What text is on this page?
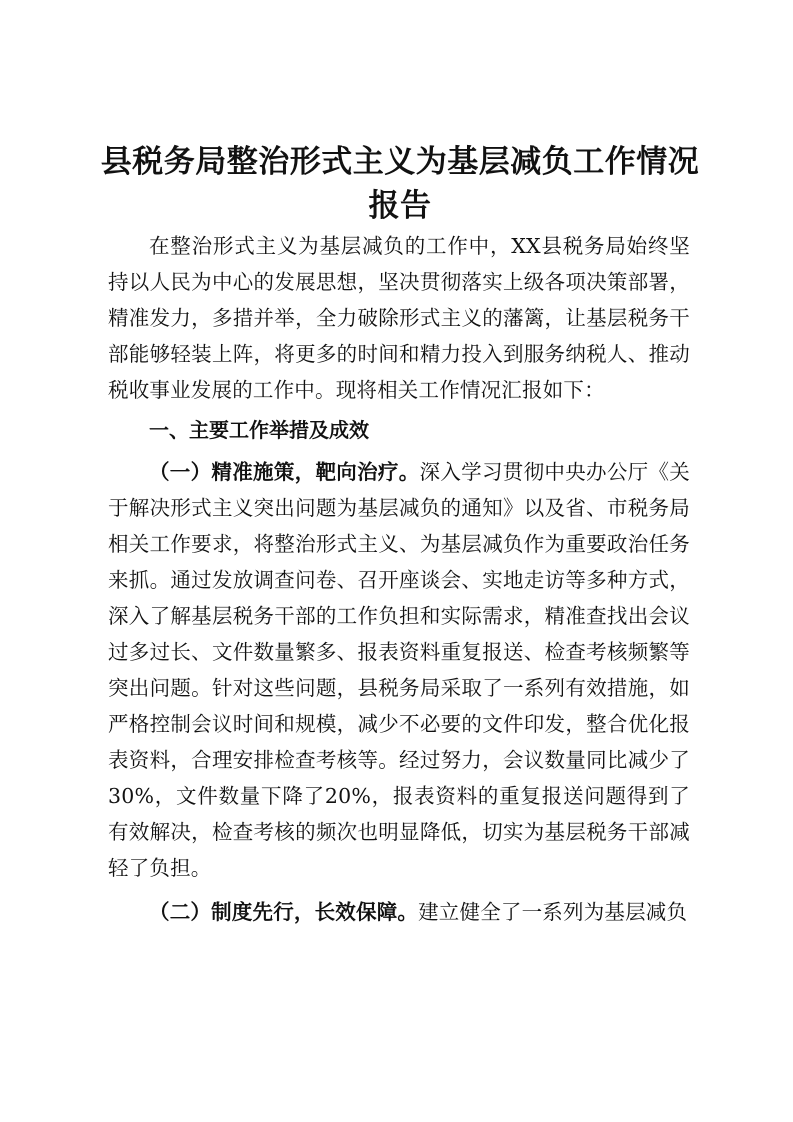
县税务局整治形式主义为基层减负工作情况报告

在整治形式主义为基层减负的工作中，XX县税务局始终坚持以人民为中心的发展思想，坚决贯彻落实上级各项决策部署，精准发力，多措并举，全力破除形式主义的藩篱，让基层税务干部能够轻装上阵，将更多的时间和精力投入到服务纳税人、推动税收事业发展的工作中。现将相关工作情况汇报如下：

一、主要工作举措及成效

（一）精准施策，靶向治疗。深入学习贯彻中央办公厅《关于解决形式主义突出问题为基层减负的通知》以及省、市税务局相关工作要求，将整治形式主义、为基层减负作为重要政治任务来抓。通过发放调查问卷、召开座谈会、实地走访等多种方式，深入了解基层税务干部的工作负担和实际需求，精准查找出会议过多过长、文件数量繁多、报表资料重复报送、检查考核频繁等突出问题。针对这些问题，县税务局采取了一系列有效措施，如严格控制会议时间和规模，减少不必要的文件印发，整合优化报表资料，合理安排检查考核等。经过努力，会议数量同比减少了30%，文件数量下降了20%，报表资料的重复报送问题得到了有效解决，检查考核的频次也明显降低，切实为基层税务干部减轻了负担。

（二）制度先行，长效保障。建立健全了一系列为基层减负
